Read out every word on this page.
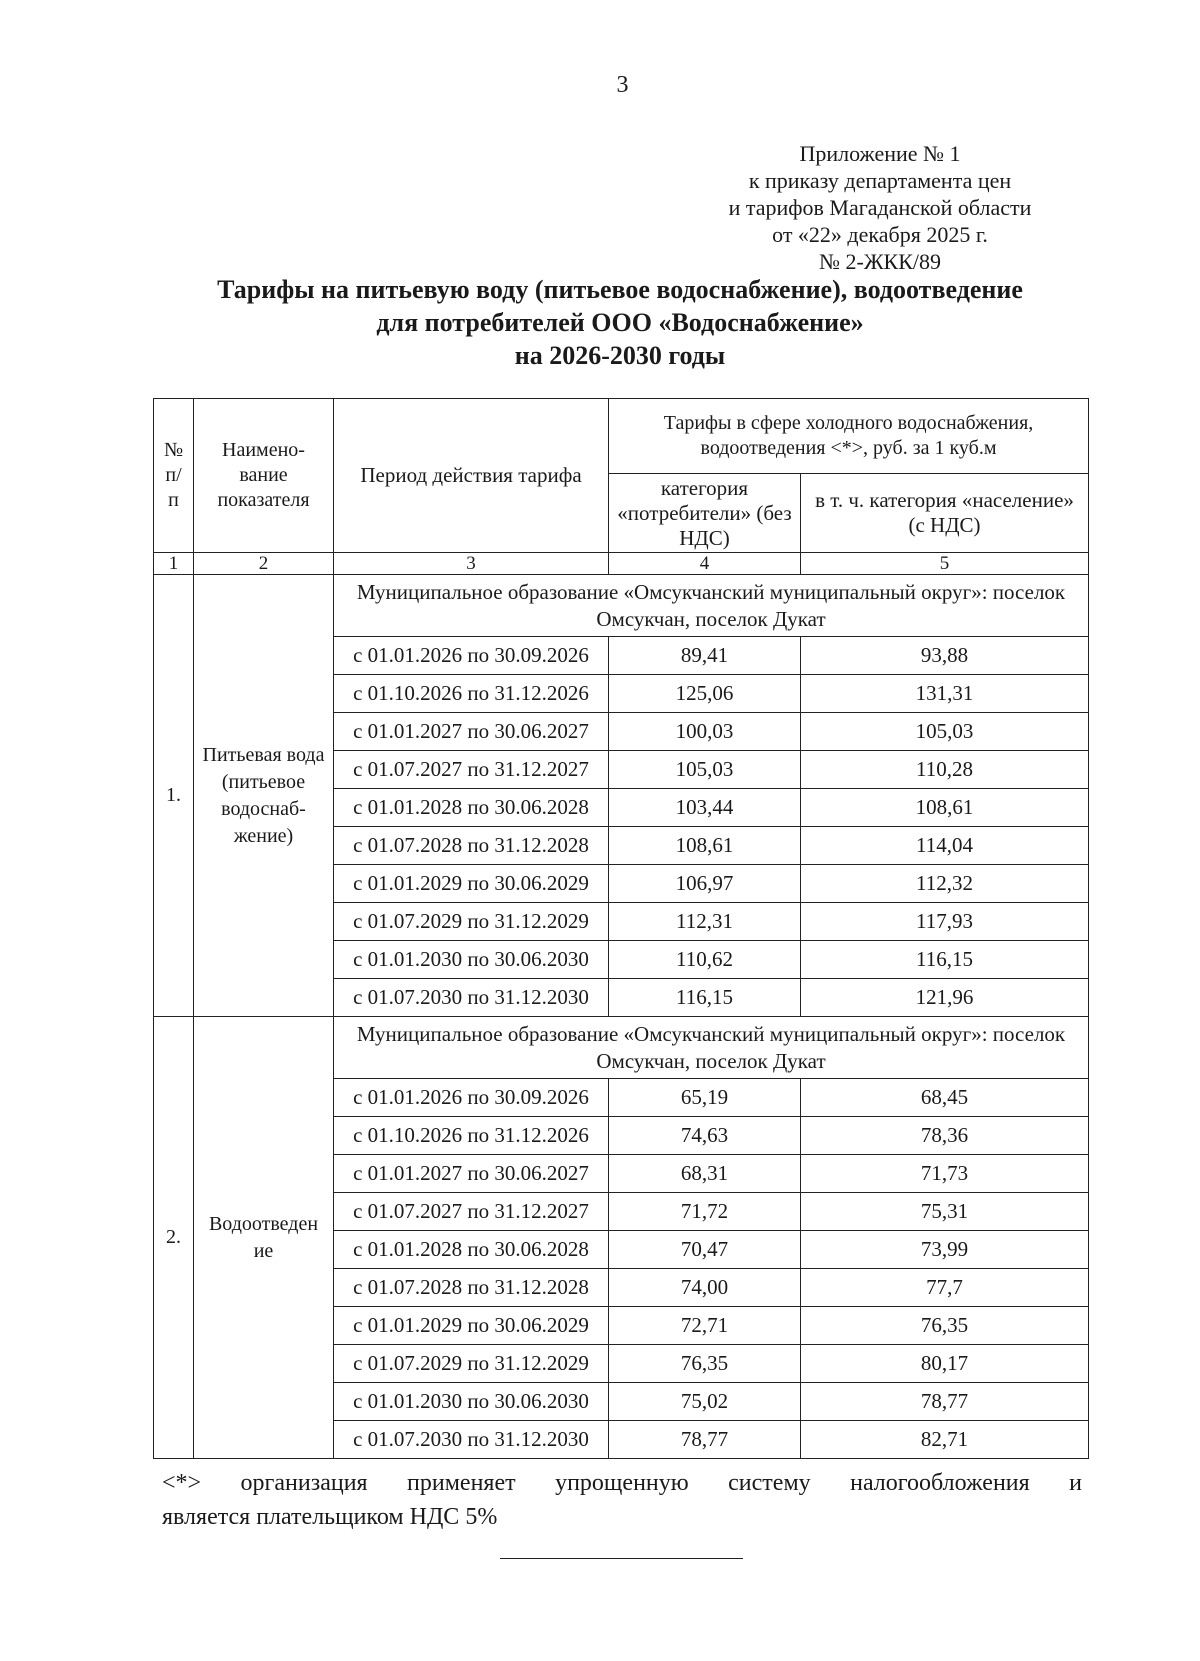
3
Приложение № 1
к приказу департамента цен
и тарифов Магаданской области
от «22» декабря 2025 г.
№ 2-ЖКК/89
Тарифы на питьевую воду (питьевое водоснабжение), водоотведение
для потребителей ООО «Водоснабжение»
на 2026-2030 годы
№ п/ п	Наимено- вание показателя	Период действия тарифа	Тарифы в сфере холодного водоснабжения, водоотведения <*>, руб. за 1 куб.м	
			категория «потребители» (без НДС)	в т. ч. категория «население» (с НДС)
1	2	3	4	5
1.	Питьевая вода (питьевое водоснаб- жение)	Муниципальное образование «Омсукчанский муниципальный округ»: поселок Омсукчан, поселок Дукат		
		с 01.01.2026 по 30.09.2026	89,41	93,88
		с 01.10.2026 по 31.12.2026	125,06	131,31
		с 01.01.2027 по 30.06.2027	100,03	105,03
		с 01.07.2027 по 31.12.2027	105,03	110,28
		с 01.01.2028 по 30.06.2028	103,44	108,61
		с 01.07.2028 по 31.12.2028	108,61	114,04
		с 01.01.2029 по 30.06.2029	106,97	112,32
		с 01.07.2029 по 31.12.2029	112,31	117,93
		с 01.01.2030 по 30.06.2030	110,62	116,15
		с 01.07.2030 по 31.12.2030	116,15	121,96
2.	Водоотведен ие	Муниципальное образование «Омсукчанский муниципальный округ»: поселок Омсукчан, поселок Дукат		
		с 01.01.2026 по 30.09.2026	65,19	68,45
		с 01.10.2026 по 31.12.2026	74,63	78,36
		с 01.01.2027 по 30.06.2027	68,31	71,73
		с 01.07.2027 по 31.12.2027	71,72	75,31
		с 01.01.2028 по 30.06.2028	70,47	73,99
		с 01.07.2028 по 31.12.2028	74,00	77,7
		с 01.01.2029 по 30.06.2029	72,71	76,35
		с 01.07.2029 по 31.12.2029	76,35	80,17
		с 01.01.2030 по 30.06.2030	75,02	78,77
		с 01.07.2030 по 31.12.2030	78,77	82,71
<*> организация применяет упрощенную систему налогообложения и
является плательщиком НДС 5%
